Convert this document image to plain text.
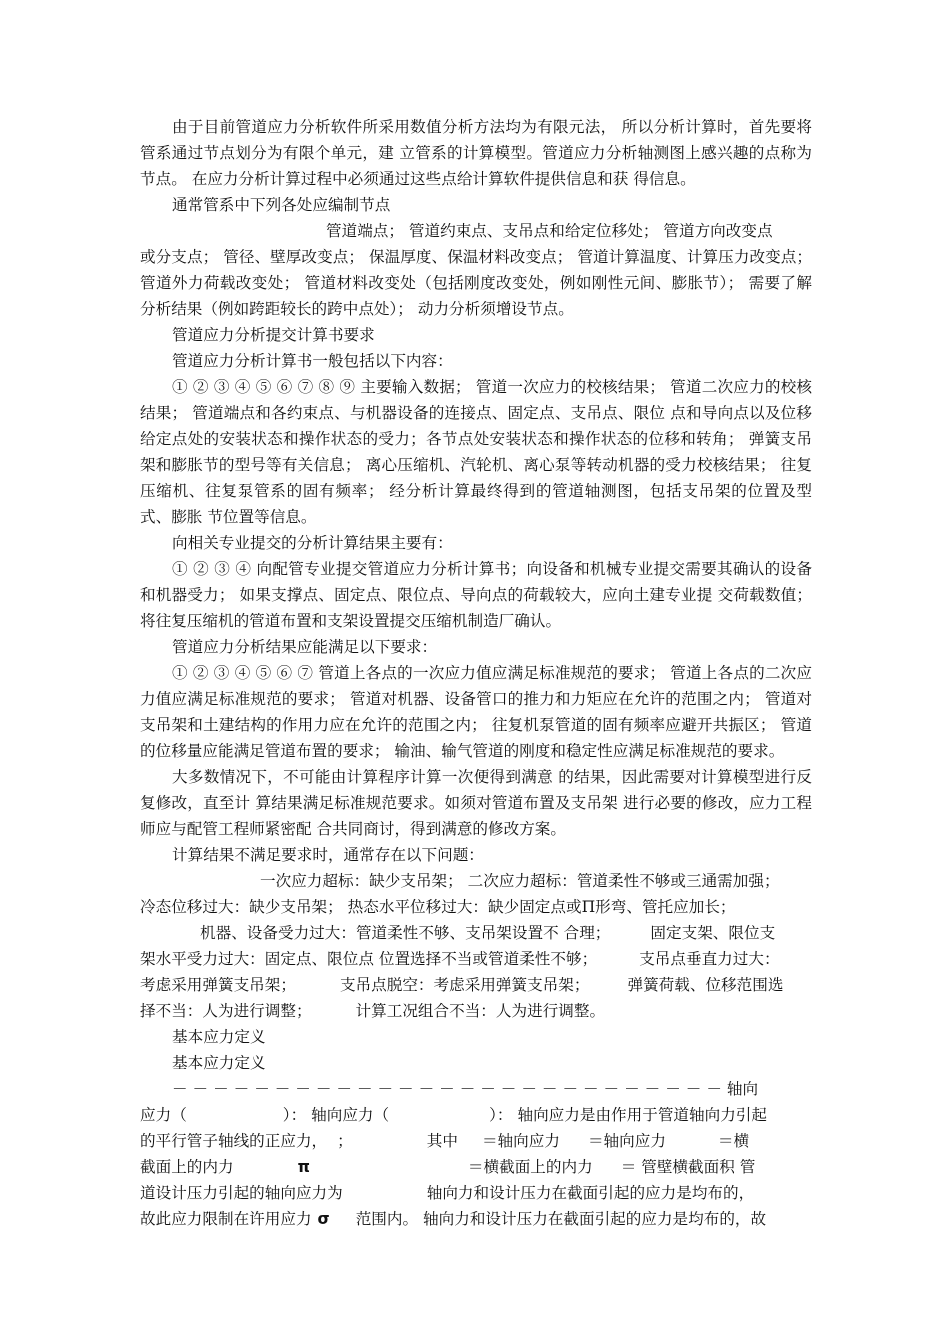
由于目前管道应力分析软件所采用数值分析方法均为有限元法， 所以分析计算时，首先要将管系通过节点划分为有限个单元，建 立管系的计算模型。管道应力分析轴测图上感兴趣的点称为节点。 在应力分析计算过程中必须通过这些点给计算软件提供信息和获 得信息。

通常管系中下列各处应编制节点

管道端点； 管道约束点、支吊点和给定位移处； 管道方向改变点

或分支点； 管径、壁厚改变点； 保温厚度、保温材料改变点； 管道计算温度、计算压力改变点； 管道外力荷载改变处； 管道材料改变处（包括刚度改变处，例如刚性元间、膨胀节）； 需要了解分析结果（例如跨距较长的跨中点处）； 动力分析须增设节点。

管道应力分析提交计算书要求

管道应力分析计算书一般包括以下内容：

① ② ③ ④ ⑤ ⑥ ⑦ ⑧ ⑨ 主要输入数据； 管道一次应力的校核结果； 管道二次应力的校核结果； 管道端点和各约束点、与机器设备的连接点、固定点、支吊点、限位 点和导向点以及位移给定点处的安装状态和操作状态的受力；各节点处安装状态和操作状态的位移和转角； 弹簧支吊架和膨胀节的型号等有关信息； 离心压缩机、汽轮机、离心泵等转动机器的受力校核结果； 往复压缩机、往复泵管系的固有频率； 经分析计算最终得到的管道轴测图，包括支吊架的位置及型式、膨胀 节位置等信息。

向相关专业提交的分析计算结果主要有：

① ② ③ ④ 向配管专业提交管道应力分析计算书；向设备和机械专业提交需要其确认的设备和机器受力； 如果支撑点、固定点、限位点、导向点的荷载较大，应向土建专业提 交荷载数值； 将往复压缩机的管道布置和支架设置提交压缩机制造厂确认。

管道应力分析结果应能满足以下要求：

① ② ③ ④ ⑤ ⑥ ⑦ 管道上各点的一次应力值应满足标准规范的要求； 管道上各点的二次应力值应满足标准规范的要求； 管道对机器、设备管口的推力和力矩应在允许的范围之内； 管道对支吊架和土建结构的作用力应在允许的范围之内； 往复机泵管道的固有频率应避开共振区； 管道的位移量应能满足管道布置的要求； 输油、输气管道的刚度和稳定性应满足标准规范的要求。

大多数情况下，不可能由计算程序计算一次便得到满意 的结果，因此需要对计算模型进行反复修改，直至计 算结果满足标准规范要求。如须对管道布置及支吊架 进行必要的修改，应力工程师应与配管工程师紧密配 合共同商讨，得到满意的修改方案。

计算结果不满足要求时，通常存在以下问题：

一次应力超标：缺少支吊架； 二次应力超标：管道柔性不够或三通需加强；

冷态位移过大：缺少支吊架； 热态水平位移过大：缺少固定点或Π形弯、管托应加长；

机器、设备受力过大：管道柔性不够、支吊架设置不 合理；	固定支架、限位支

架水平受力过大：固定点、限位点 位置选择不当或管道柔性不够；	支吊点垂直力过大：

考虑采用弹簧支吊架；	支吊点脱空：考虑采用弹簧支吊架； 弹簧荷载、位移范围选

择不当：人为进行调整；	计算工况组合不当：人为进行调整。

基本应力定义

基本应力定义

－ － － － － － － － － － － － － － － － － － － － － － － － － － － 轴向

应力（	）： 轴向应力（	）： 轴向应力是由作用于管道轴向力引起

的平行管子轴线的正应力， ；	其中 ＝轴向应力 ＝轴向应力	＝横

截面上的内力	π	＝横截面上的内力 ＝ 管壁横截面积 管

道设计压力引起的轴向应力为	轴向力和设计压力在截面引起的应力是均布的，

故此应力限制在许用应力 σ 范围内。 轴向力和设计压力在截面引起的应力是均布的，故
